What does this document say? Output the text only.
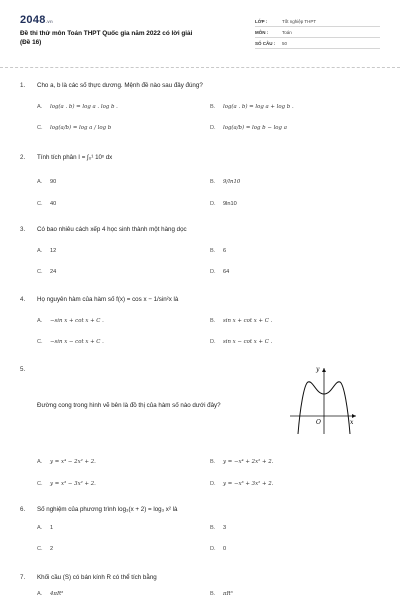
2048.vn
Đề thi thử môn Toán THPT Quốc gia năm 2022 có lời giải
(Đề 16)
LỚP :	Tốt nghiệp THPT
MÔN :	Toán
SỐ CÂU :	50
1. Cho a, b là các số thực dương. Mệnh đề nào sau đây đúng?
A. log(a . b) = log a . log b .	B. log(a . b) = log a + log b .
C. log(a/b) = log a / log b	D. log(a/b) = log b − log a
2. Tính tích phân I = ∫₀¹ 10ˣ dx
A. 90	B. 9/ln10
C. 40	D. 9ln10
3. Có bao nhiêu cách xếp 4 học sinh thành một hàng dọc
A. 12	B. 6
C. 24	D. 64
4. Họ nguyên hàm của hàm số f(x) = cos x − 1/sin²x là
A. −sin x + cot x + C .	B. sin x + cot x + C .
C. −sin x − cot x + C .	D. sin x − cot x + C .
5.
Đường cong trong hình vẽ bên là đồ thị của hàm số nào dưới đây?
y
x
O
A. y = x⁴ − 2x² + 2.	B. y = −x⁴ + 2x² + 2.
C. y = x³ − 3x² + 2.	D. y = −x³ + 3x² + 2.
6. Số nghiệm của phương trình log₃(x + 2) = log₃ x² là
A. 1	B. 3
C. 2	D. 0
7. Khối cầu (S) có bán kính R có thể tích bằng
A. 4πR³	B. πR³
